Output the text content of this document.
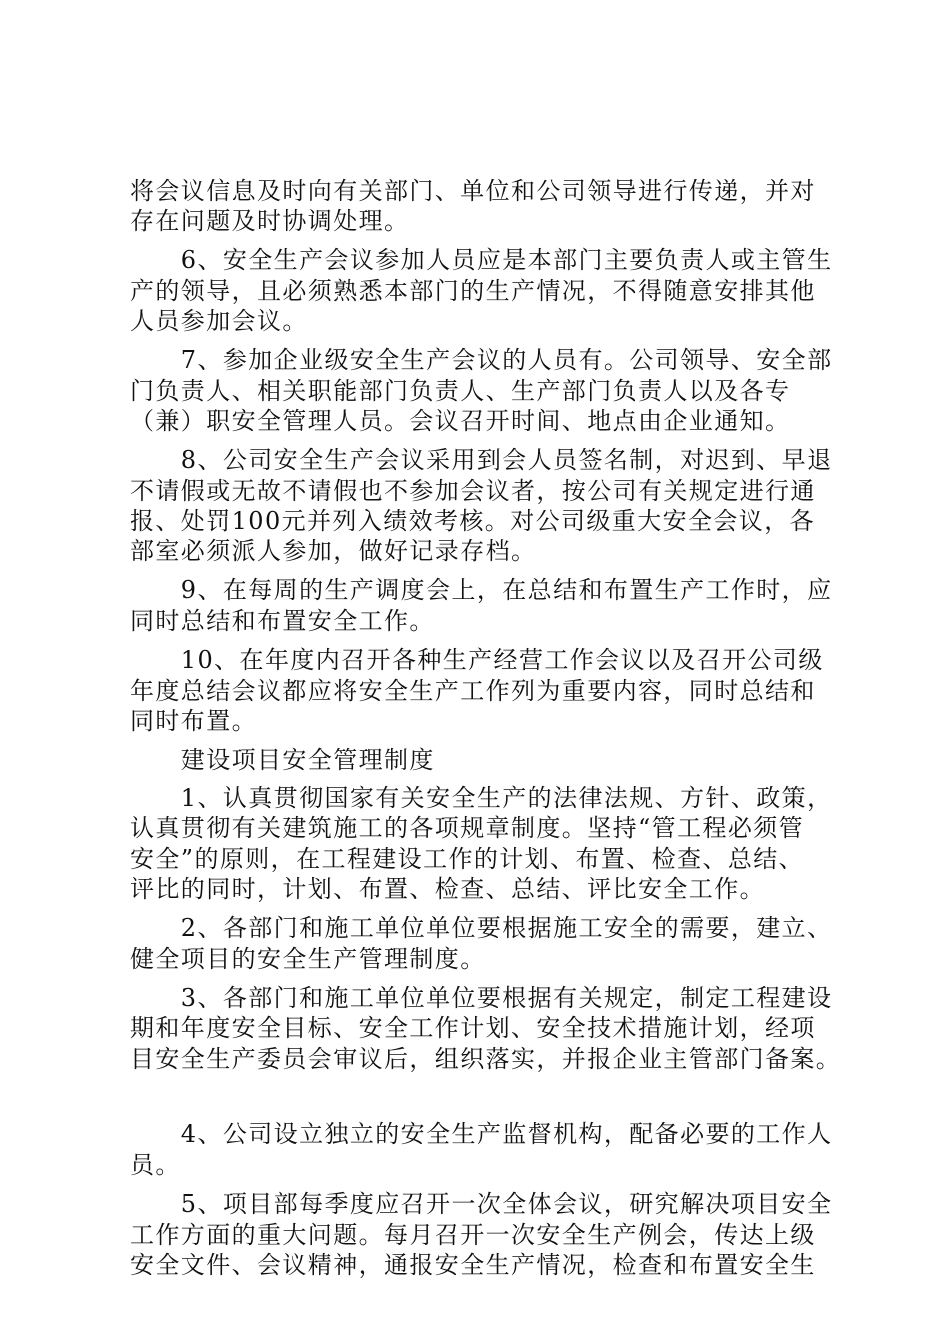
将会议信息及时向有关部门、单位和公司领导进行传递，并对
存在问题及时协调处理。
　　6、安全生产会议参加人员应是本部门主要负责人或主管生
产的领导，且必须熟悉本部门的生产情况，不得随意安排其他
人员参加会议。
　　7、参加企业级安全生产会议的人员有。公司领导、安全部
门负责人、相关职能部门负责人、生产部门负责人以及各专
（兼）职安全管理人员。会议召开时间、地点由企业通知。
　　8、公司安全生产会议采用到会人员签名制，对迟到、早退
不请假或无故不请假也不参加会议者，按公司有关规定进行通
报、处罚100元并列入绩效考核。对公司级重大安全会议，各
部室必须派人参加，做好记录存档。
　　9、在每周的生产调度会上，在总结和布置生产工作时，应
同时总结和布置安全工作。
　　10、在年度内召开各种生产经营工作会议以及召开公司级
年度总结会议都应将安全生产工作列为重要内容，同时总结和
同时布置。
　　建设项目安全管理制度
　　1、认真贯彻国家有关安全生产的法律法规、方针、政策，
认真贯彻有关建筑施工的各项规章制度。坚持“管工程必须管
安全”的原则，在工程建设工作的计划、布置、检查、总结、
评比的同时，计划、布置、检查、总结、评比安全工作。
　　2、各部门和施工单位单位要根据施工安全的需要，建立、
健全项目的安全生产管理制度。
　　3、各部门和施工单位单位要根据有关规定，制定工程建设
期和年度安全目标、安全工作计划、安全技术措施计划，经项
目安全生产委员会审议后，组织落实，并报企业主管部门备案。
　　4、公司设立独立的安全生产监督机构，配备必要的工作人
员。
　　5、项目部每季度应召开一次全体会议，研究解决项目安全
工作方面的重大问题。每月召开一次安全生产例会，传达上级
安全文件、会议精神，通报安全生产情况，检查和布置安全生
